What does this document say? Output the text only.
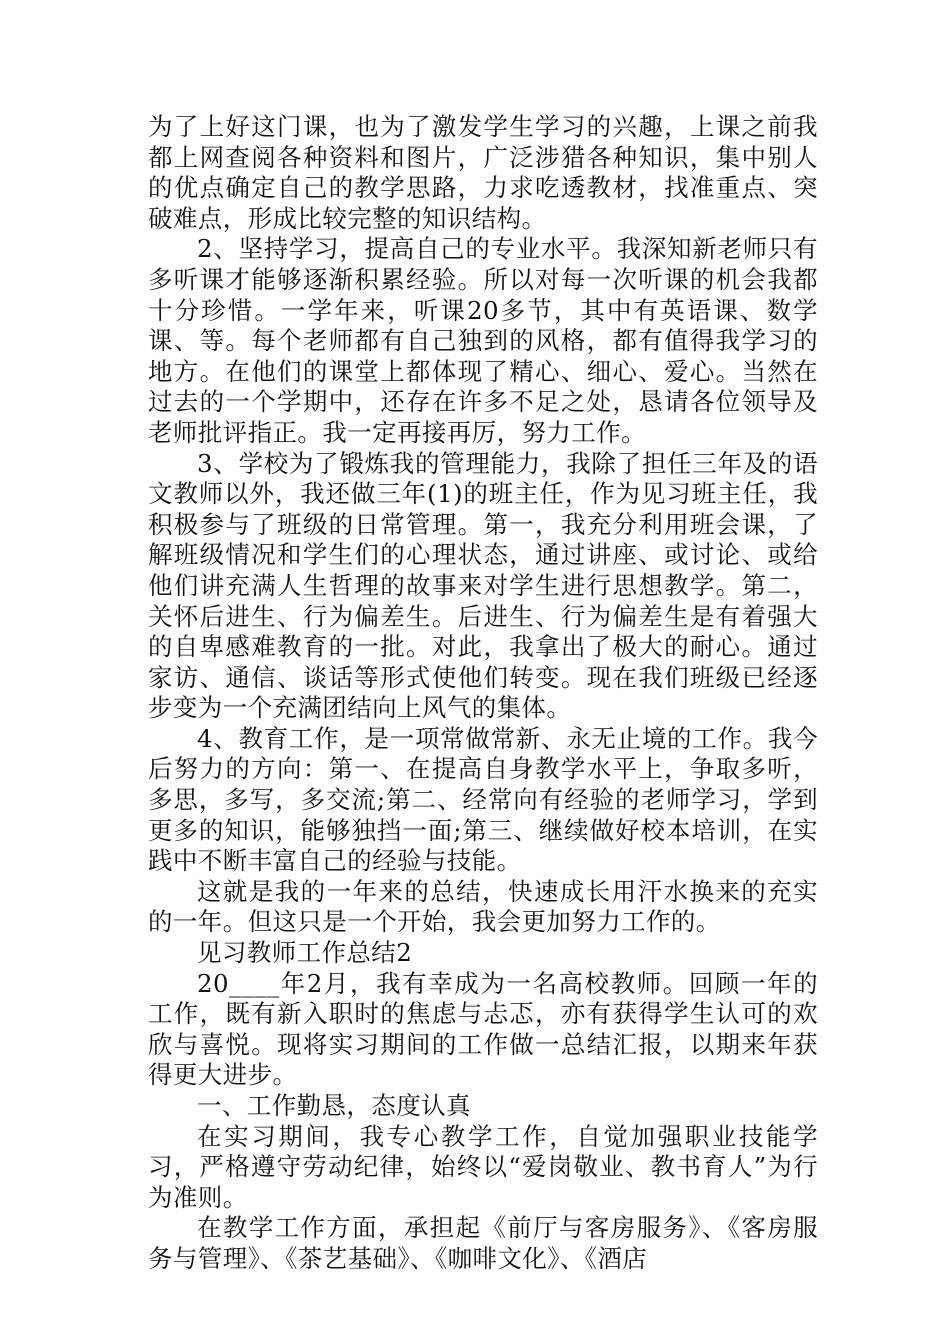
为了上好这门课，也为了激发学生学习的兴趣，上课之前我都上网查阅各种资料和图片，广泛涉猎各种知识，集中别人的优点确定自己的教学思路，力求吃透教材，找准重点、突破难点，形成比较完整的知识结构。

2、坚持学习，提高自己的专业水平。我深知新老师只有多听课才能够逐渐积累经验。所以对每一次听课的机会我都十分珍惜。一学年来，听课20多节，其中有英语课、数学课、等。每个老师都有自己独到的风格，都有值得我学习的地方。在他们的课堂上都体现了精心、细心、爱心。当然在过去的一个学期中，还存在许多不足之处，恳请各位领导及老师批评指正。我一定再接再厉，努力工作。

3、学校为了锻炼我的管理能力，我除了担任三年及的语文教师以外，我还做三年(1)的班主任，作为见习班主任，我积极参与了班级的日常管理。第一，我充分利用班会课，了解班级情况和学生们的心理状态，通过讲座、或讨论、或给他们讲充满人生哲理的故事来对学生进行思想教学。第二，关怀后进生、行为偏差生。后进生、行为偏差生是有着强大的自卑感难教育的一批。对此，我拿出了极大的耐心。通过家访、通信、谈话等形式使他们转变。现在我们班级已经逐步变为一个充满团结向上风气的集体。

4、教育工作，是一项常做常新、永无止境的工作。我今后努力的方向：第一、在提高自身教学水平上，争取多听，多思，多写，多交流;第二、经常向有经验的老师学习，学到更多的知识，能够独挡一面;第三、继续做好校本培训，在实践中不断丰富自己的经验与技能。

这就是我的一年来的总结，快速成长用汗水换来的充实的一年。但这只是一个开始，我会更加努力工作的。

见习教师工作总结2

20____年2月，我有幸成为一名高校教师。回顾一年的工作，既有新入职时的焦虑与忐忑，亦有获得学生认可的欢欣与喜悦。现将实习期间的工作做一总结汇报，以期来年获得更大进步。

一、工作勤恳，态度认真

在实习期间，我专心教学工作，自觉加强职业技能学习，严格遵守劳动纪律，始终以“爱岗敬业、教书育人”为行为准则。

在教学工作方面，承担起《前厅与客房服务》、《客房服务与管理》、《茶艺基础》、《咖啡文化》、《酒店
